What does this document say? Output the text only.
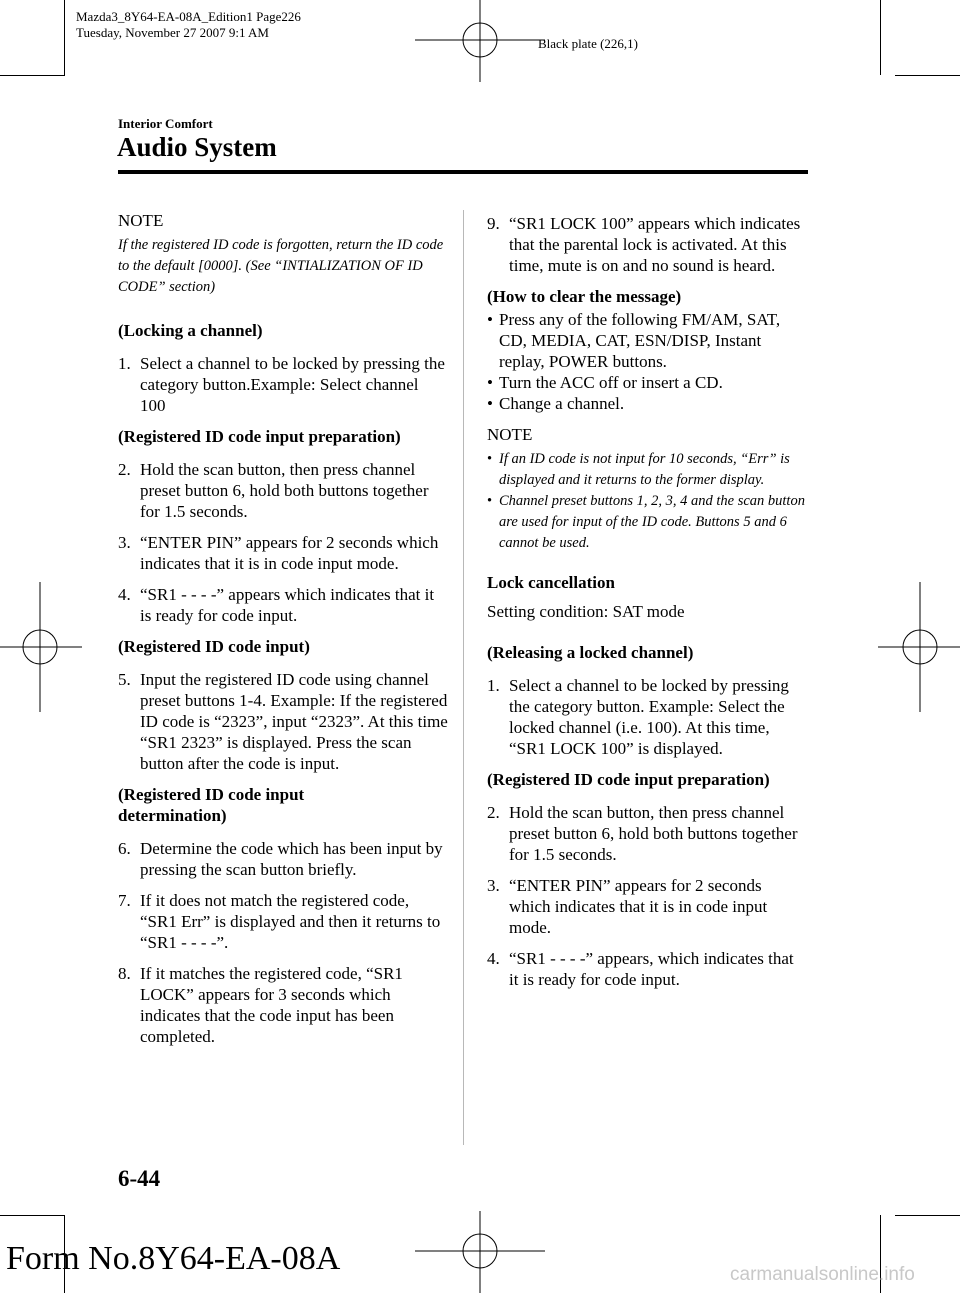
Mazda3_8Y64-EA-08A_Edition1 Page226
Tuesday, November 27 2007 9:1 AM
Black plate (226,1)
Interior Comfort
Audio System
NOTE
If the registered ID code is forgotten, return the ID code to the default [0000]. (See “INTIALIZATION OF ID CODE” section)
(Locking a channel)
1. Select a channel to be locked by pressing the category button.Example: Select channel 100
(Registered ID code input preparation)
2. Hold the scan button, then press channel preset button 6, hold both buttons together for 1.5 seconds.
3. “ENTER PIN” appears for 2 seconds which indicates that it is in code input mode.
4. “SR1 - - - -” appears which indicates that it is ready for code input.
(Registered ID code input)
5. Input the registered ID code using channel preset buttons 1-4. Example: If the registered ID code is “2323”, input “2323”. At this time “SR1 2323” is displayed. Press the scan button after the code is input.
(Registered ID code input determination)
6. Determine the code which has been input by pressing the scan button briefly.
7. If it does not match the registered code, “SR1 Err” is displayed and then it returns to “SR1 - - - -”.
8. If it matches the registered code, “SR1 LOCK” appears for 3 seconds which indicates that the code input has been completed.
9. “SR1 LOCK 100” appears which indicates that the parental lock is activated. At this time, mute is on and no sound is heard.
(How to clear the message)
• Press any of the following FM/AM, SAT, CD, MEDIA, CAT, ESN/DISP, Instant replay, POWER buttons.
• Turn the ACC off or insert a CD.
• Change a channel.
NOTE
• If an ID code is not input for 10 seconds, “Err” is displayed and it returns to the former display.
• Channel preset buttons 1, 2, 3, 4 and the scan button are used for input of the ID code. Buttons 5 and 6 cannot be used.
Lock cancellation

Setting condition: SAT mode

(Releasing a locked channel)
1. Select a channel to be locked by pressing the category button. Example: Select the locked channel (i.e. 100). At this time, “SR1 LOCK 100” is displayed.
(Registered ID code input preparation)
2. Hold the scan button, then press channel preset button 6, hold both buttons together for 1.5 seconds.
3. “ENTER PIN” appears for 2 seconds which indicates that it is in code input mode.
4. “SR1 - - - -” appears, which indicates that it is ready for code input.
6-44
Form No.8Y64-EA-08A	carmanualsonline.info
